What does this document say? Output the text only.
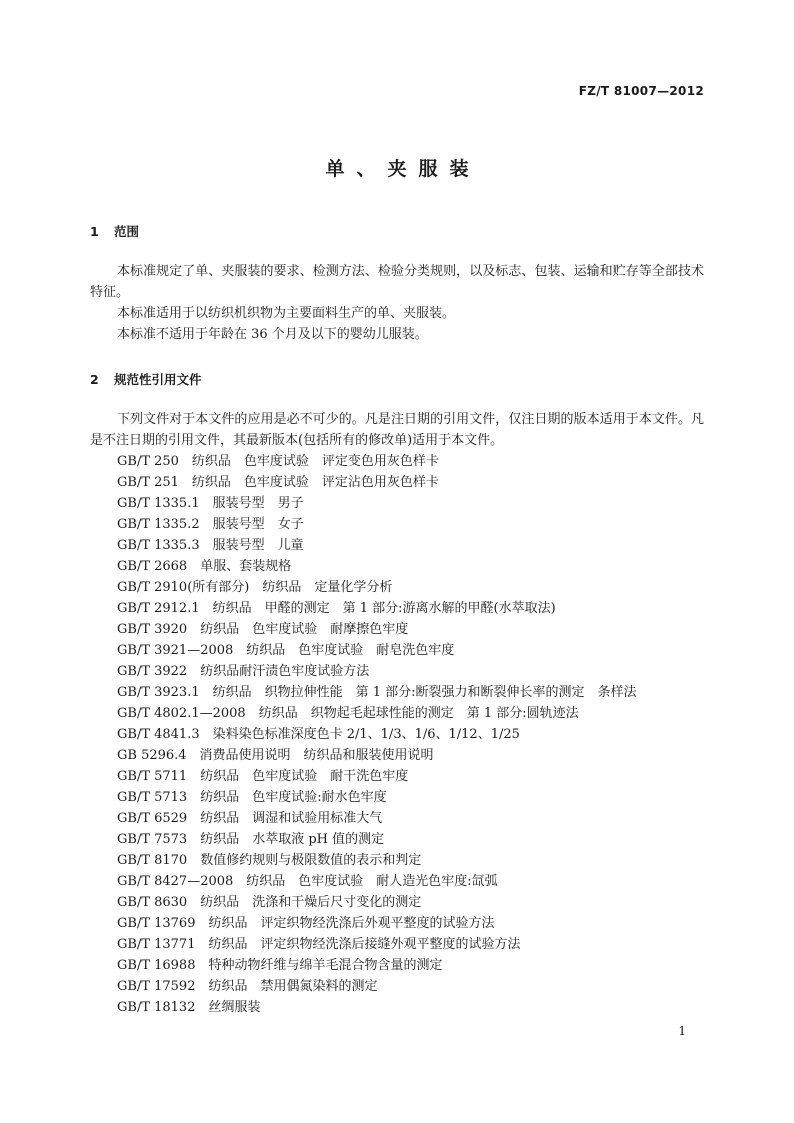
FZ/T 81007—2012
单、夹服装
1 范围
本标准规定了单、夹服装的要求、检测方法、检验分类规则，以及标志、包装、运输和贮存等全部技术特征。
本标准适用于以纺织机织物为主要面料生产的单、夹服装。
本标准不适用于年龄在 36 个月及以下的婴幼儿服装。
2 规范性引用文件
下列文件对于本文件的应用是必不可少的。凡是注日期的引用文件，仅注日期的版本适用于本文件。凡是不注日期的引用文件，其最新版本(包括所有的修改单)适用于本文件。
GB/T 250　纺织品　色牢度试验　评定变色用灰色样卡
GB/T 251　纺织品　色牢度试验　评定沾色用灰色样卡
GB/T 1335.1　服装号型　男子
GB/T 1335.2　服装号型　女子
GB/T 1335.3　服装号型　儿童
GB/T 2668　单服、套装规格
GB/T 2910(所有部分)　纺织品　定量化学分析
GB/T 2912.1　纺织品　甲醛的测定　第 1 部分:游离水解的甲醛(水萃取法)
GB/T 3920　纺织品　色牢度试验　耐摩擦色牢度
GB/T 3921—2008　纺织品　色牢度试验　耐皂洗色牢度
GB/T 3922　纺织品耐汗渍色牢度试验方法
GB/T 3923.1　纺织品　织物拉伸性能　第 1 部分:断裂强力和断裂伸长率的测定　条样法
GB/T 4802.1—2008　纺织品　织物起毛起球性能的测定　第 1 部分:圆轨迹法
GB/T 4841.3　染料染色标准深度色卡 2/1、1/3、1/6、1/12、1/25
GB 5296.4　消费品使用说明　纺织品和服装使用说明
GB/T 5711　纺织品　色牢度试验　耐干洗色牢度
GB/T 5713　纺织品　色牢度试验:耐水色牢度
GB/T 6529　纺织品　调湿和试验用标准大气
GB/T 7573　纺织品　水萃取液 pH 值的测定
GB/T 8170　数值修约规则与极限数值的表示和判定
GB/T 8427—2008　纺织品　色牢度试验　耐人造光色牢度:氙弧
GB/T 8630　纺织品　洗涤和干燥后尺寸变化的测定
GB/T 13769　纺织品　评定织物经洗涤后外观平整度的试验方法
GB/T 13771　纺织品　评定织物经洗涤后接缝外观平整度的试验方法
GB/T 16988　特种动物纤维与绵羊毛混合物含量的测定
GB/T 17592　纺织品　禁用偶氮染料的测定
GB/T 18132　丝绸服装
1
